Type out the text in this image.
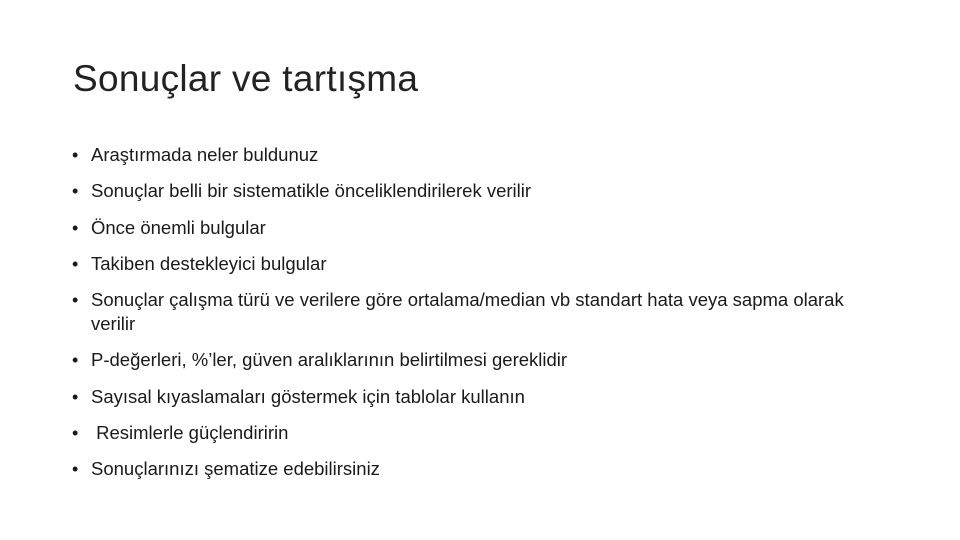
Sonuçlar ve tartışma
• Araştırmada neler buldunuz
• Sonuçlar belli bir sistematikle önceliklendirilerek verilir
• Önce önemli bulgular
• Takiben destekleyici bulgular
• Sonuçlar çalışma türü ve verilere göre ortalama/median vb standart hata veya sapma olarak verilir
• P-değerleri, %’ler, güven aralıklarının belirtilmesi gereklidir
• Sayısal kıyaslamaları göstermek için tablolar kullanın
• Resimlerle güçlendiririn
• Sonuçlarınızı şematize edebilirsiniz
